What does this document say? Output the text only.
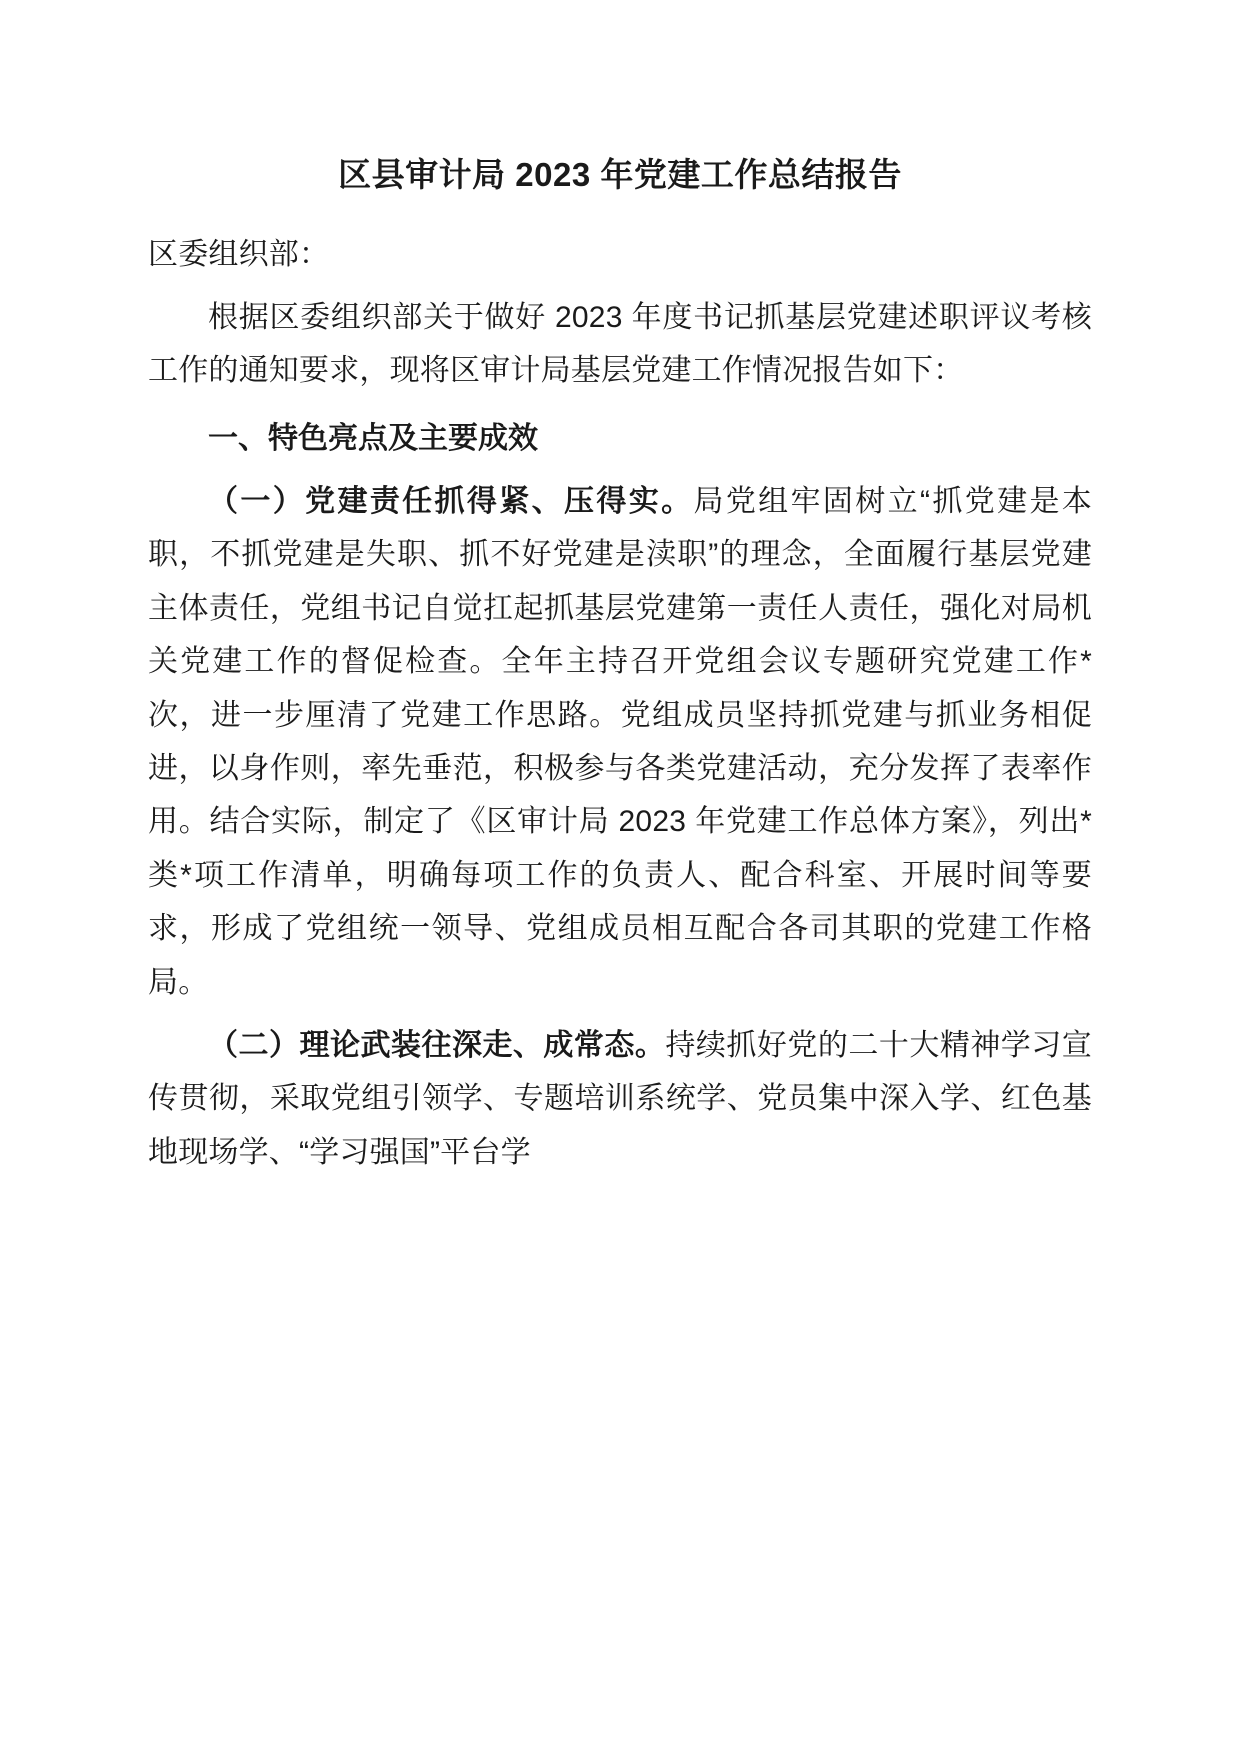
区县审计局 2023 年党建工作总结报告

区委组织部：

根据区委组织部关于做好 2023 年度书记抓基层党建述职评议考核工作的通知要求，现将区审计局基层党建工作情况报告如下：

一、特色亮点及主要成效

（一）党建责任抓得紧、压得实。局党组牢固树立“抓党建是本职，不抓党建是失职、抓不好党建是渎职”的理念，全面履行基层党建主体责任，党组书记自觉扛起抓基层党建第一责任人责任，强化对局机关党建工作的督促检查。全年主持召开党组会议专题研究党建工作*次，进一步厘清了党建工作思路。党组成员坚持抓党建与抓业务相促进，以身作则，率先垂范，积极参与各类党建活动，充分发挥了表率作用。结合实际，制定了《区审计局 2023 年党建工作总体方案》，列出*类*项工作清单，明确每项工作的负责人、配合科室、开展时间等要求，形成了党组统一领导、党组成员相互配合各司其职的党建工作格局。

（二）理论武装往深走、成常态。持续抓好党的二十大精神学习宣传贯彻，采取党组引领学、专题培训系统学、党员集中深入学、红色基地现场学、“学习强国”平台学
